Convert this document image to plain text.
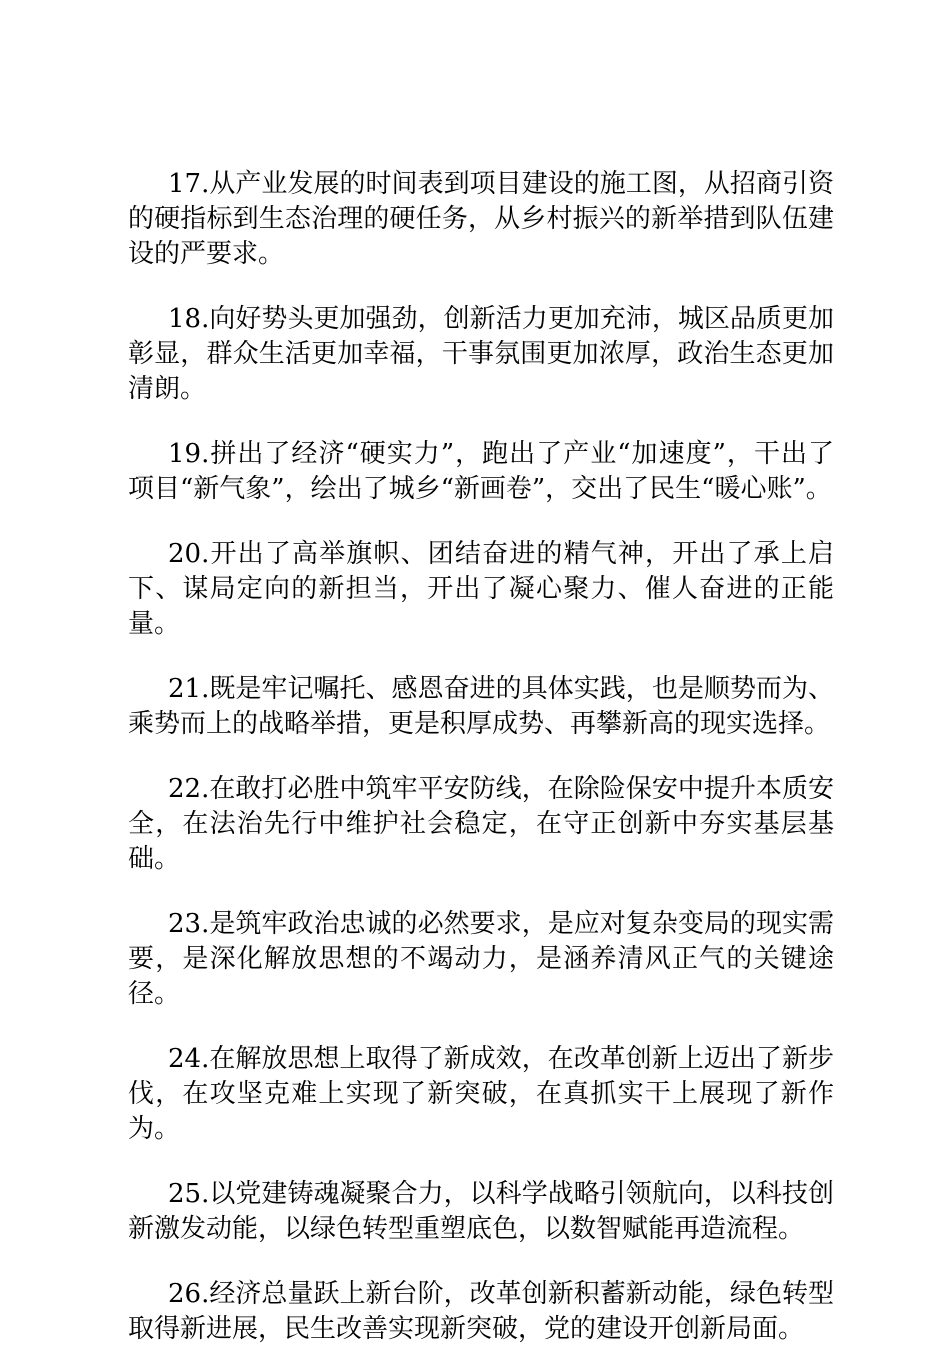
17.从产业发展的时间表到项目建设的施工图，从招商引资的硬指标到生态治理的硬任务，从乡村振兴的新举措到队伍建设的严要求。

18.向好势头更加强劲，创新活力更加充沛，城区品质更加彰显，群众生活更加幸福，干事氛围更加浓厚，政治生态更加清朗。

19.拼出了经济“硬实力”，跑出了产业“加速度”，干出了项目“新气象”，绘出了城乡“新画卷”，交出了民生“暖心账”。

20.开出了高举旗帜、团结奋进的精气神，开出了承上启下、谋局定向的新担当，开出了凝心聚力、催人奋进的正能量。

21.既是牢记嘱托、感恩奋进的具体实践，也是顺势而为、乘势而上的战略举措，更是积厚成势、再攀新高的现实选择。

22.在敢打必胜中筑牢平安防线，在除险保安中提升本质安全，在法治先行中维护社会稳定，在守正创新中夯实基层基础。

23.是筑牢政治忠诚的必然要求，是应对复杂变局的现实需要，是深化解放思想的不竭动力，是涵养清风正气的关键途径。

24.在解放思想上取得了新成效，在改革创新上迈出了新步伐，在攻坚克难上实现了新突破，在真抓实干上展现了新作为。

25.以党建铸魂凝聚合力，以科学战略引领航向，以科技创新激发动能，以绿色转型重塑底色，以数智赋能再造流程。

26.经济总量跃上新台阶，改革创新积蓄新动能，绿色转型取得新进展，民生改善实现新突破，党的建设开创新局面。
